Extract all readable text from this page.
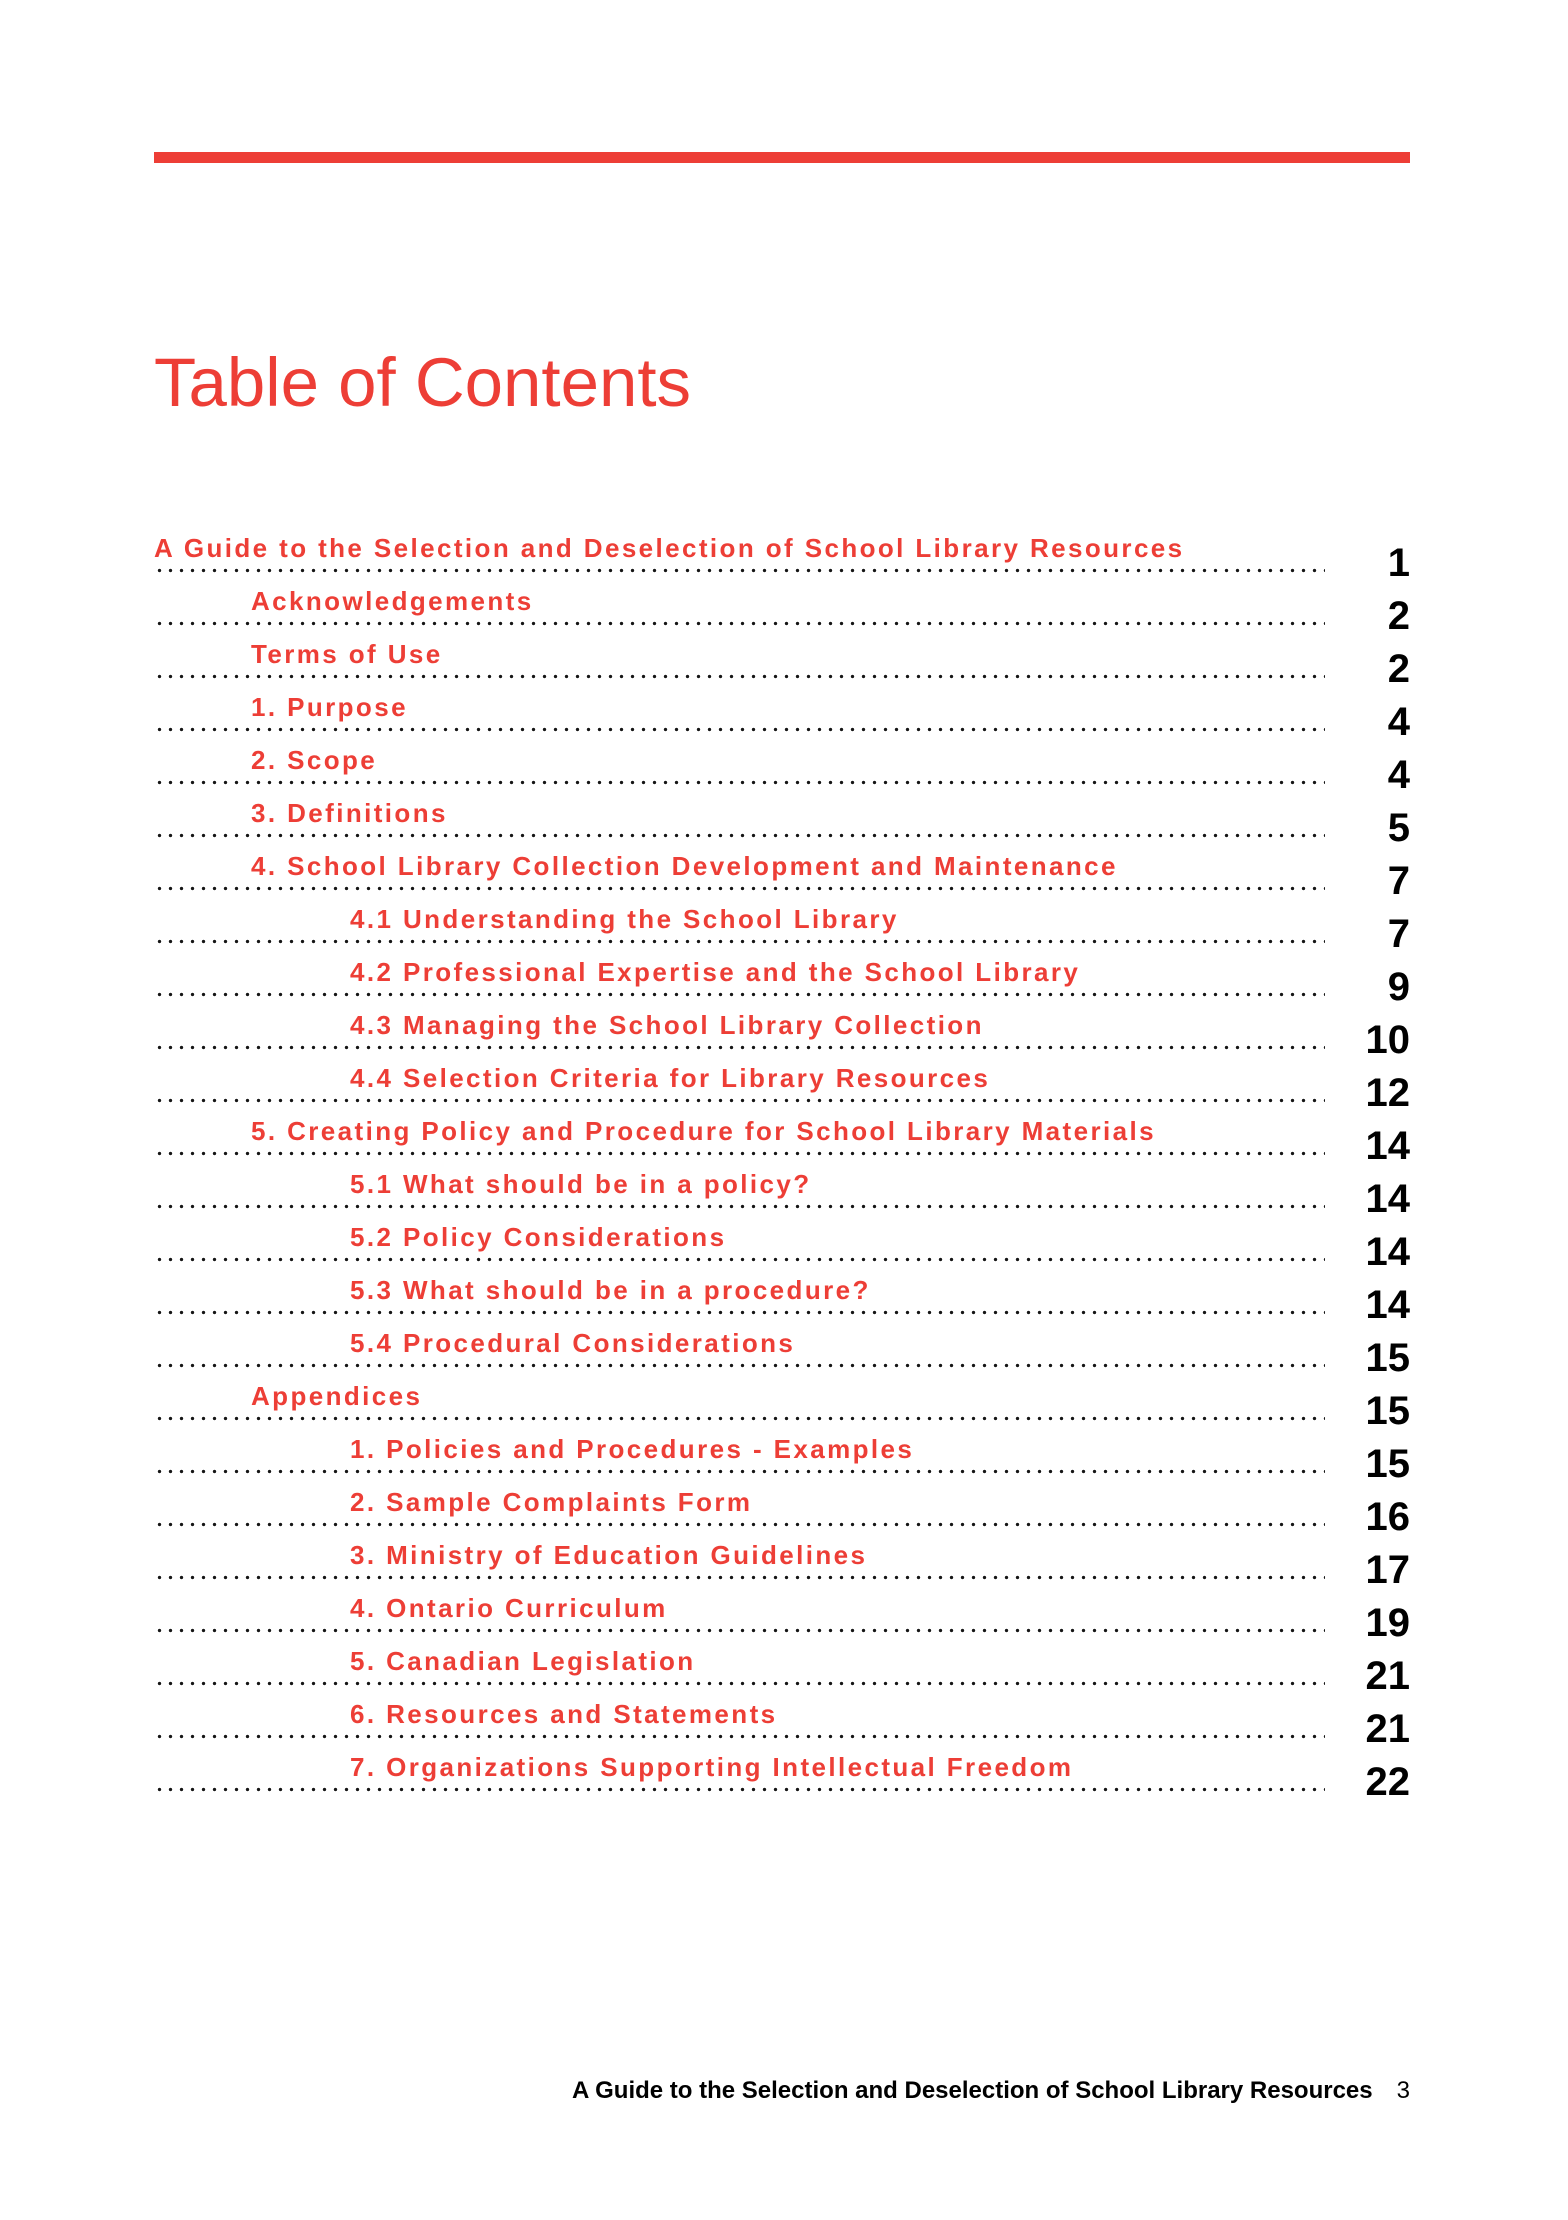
Table of Contents
A Guide to the Selection and Deselection of School Library Resources	1
Acknowledgements	2
Terms of Use	2
1. Purpose	4
2. Scope	4
3. Definitions	5
4. School Library Collection Development and Maintenance	7
4.1 Understanding the School Library	7
4.2 Professional Expertise and the School Library	9
4.3 Managing the School Library Collection	10
4.4 Selection Criteria for Library Resources	12
5. Creating Policy and Procedure for School Library Materials	14
5.1 What should be in a policy?	14
5.2 Policy Considerations	14
5.3 What should be in a procedure?	14
5.4 Procedural Considerations	15
Appendices	15
1. Policies and Procedures - Examples	15
2. Sample Complaints Form	16
3. Ministry of Education Guidelines	17
4. Ontario Curriculum	19
5. Canadian Legislation	21
6. Resources and Statements	21
7. Organizations Supporting Intellectual Freedom	22
A Guide to the Selection and Deselection of School Library Resources 3
